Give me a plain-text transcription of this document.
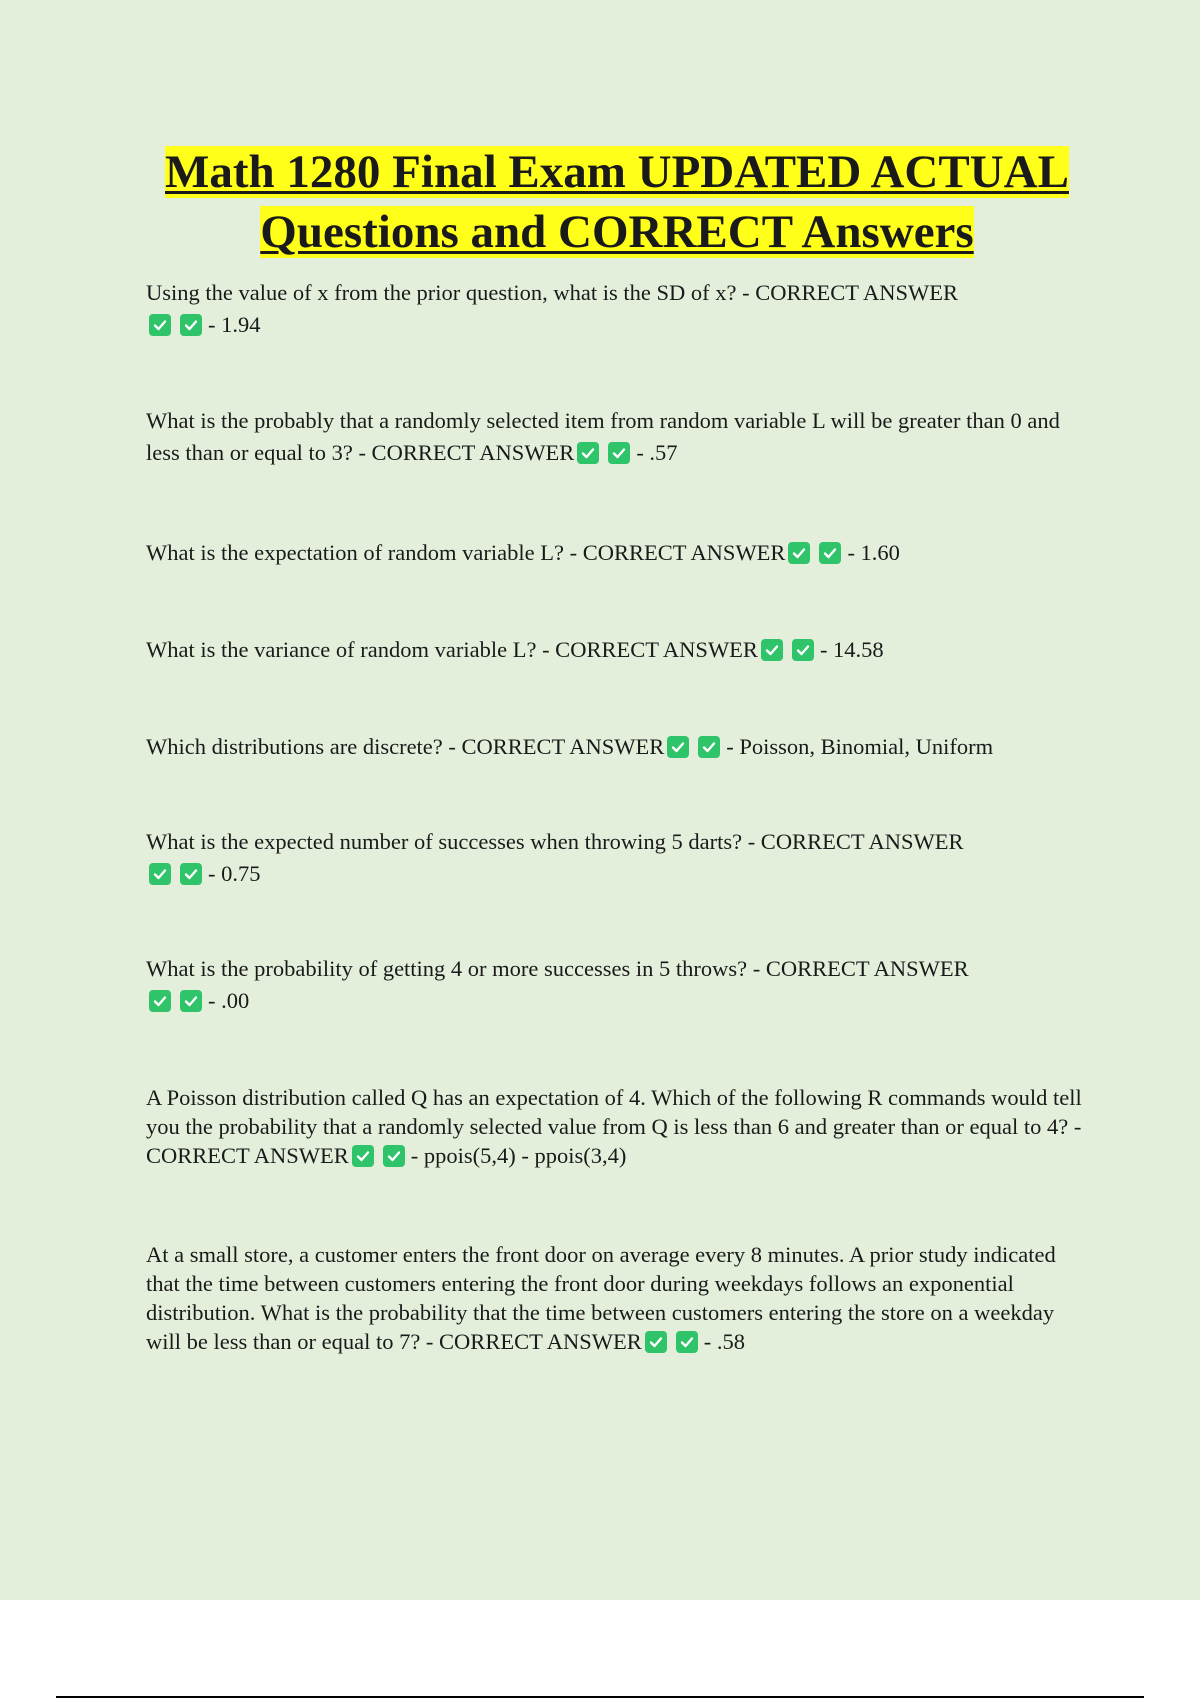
Math 1280 Final Exam UPDATED ACTUAL
Questions and CORRECT Answers

Using the value of x from the prior question, what is the SD of x? - CORRECT ANSWER
- 1.94

What is the probably that a randomly selected item from random variable L will be greater than 0 and less than or equal to 3? - CORRECT ANSWER	- .57

What is the expectation of random variable L? - CORRECT ANSWER	- 1.60

What is the variance of random variable L? - CORRECT ANSWER	- 14.58

Which distributions are discrete? - CORRECT ANSWER	- Poisson, Binomial, Uniform

What is the expected number of successes when throwing 5 darts? - CORRECT ANSWER
- 0.75

What is the probability of getting 4 or more successes in 5 throws? - CORRECT ANSWER
- .00

A Poisson distribution called Q has an expectation of 4. Which of the following R commands would tell you the probability that a randomly selected value from Q is less than 6 and greater than or equal to 4? - CORRECT ANSWER	- ppois(5,4) - ppois(3,4)

At a small store, a customer enters the front door on average every 8 minutes. A prior study indicated that the time between customers entering the front door during weekdays follows an exponential distribution. What is the probability that the time between customers entering the store on a weekday will be less than or equal to 7? - CORRECT ANSWER	- .58
